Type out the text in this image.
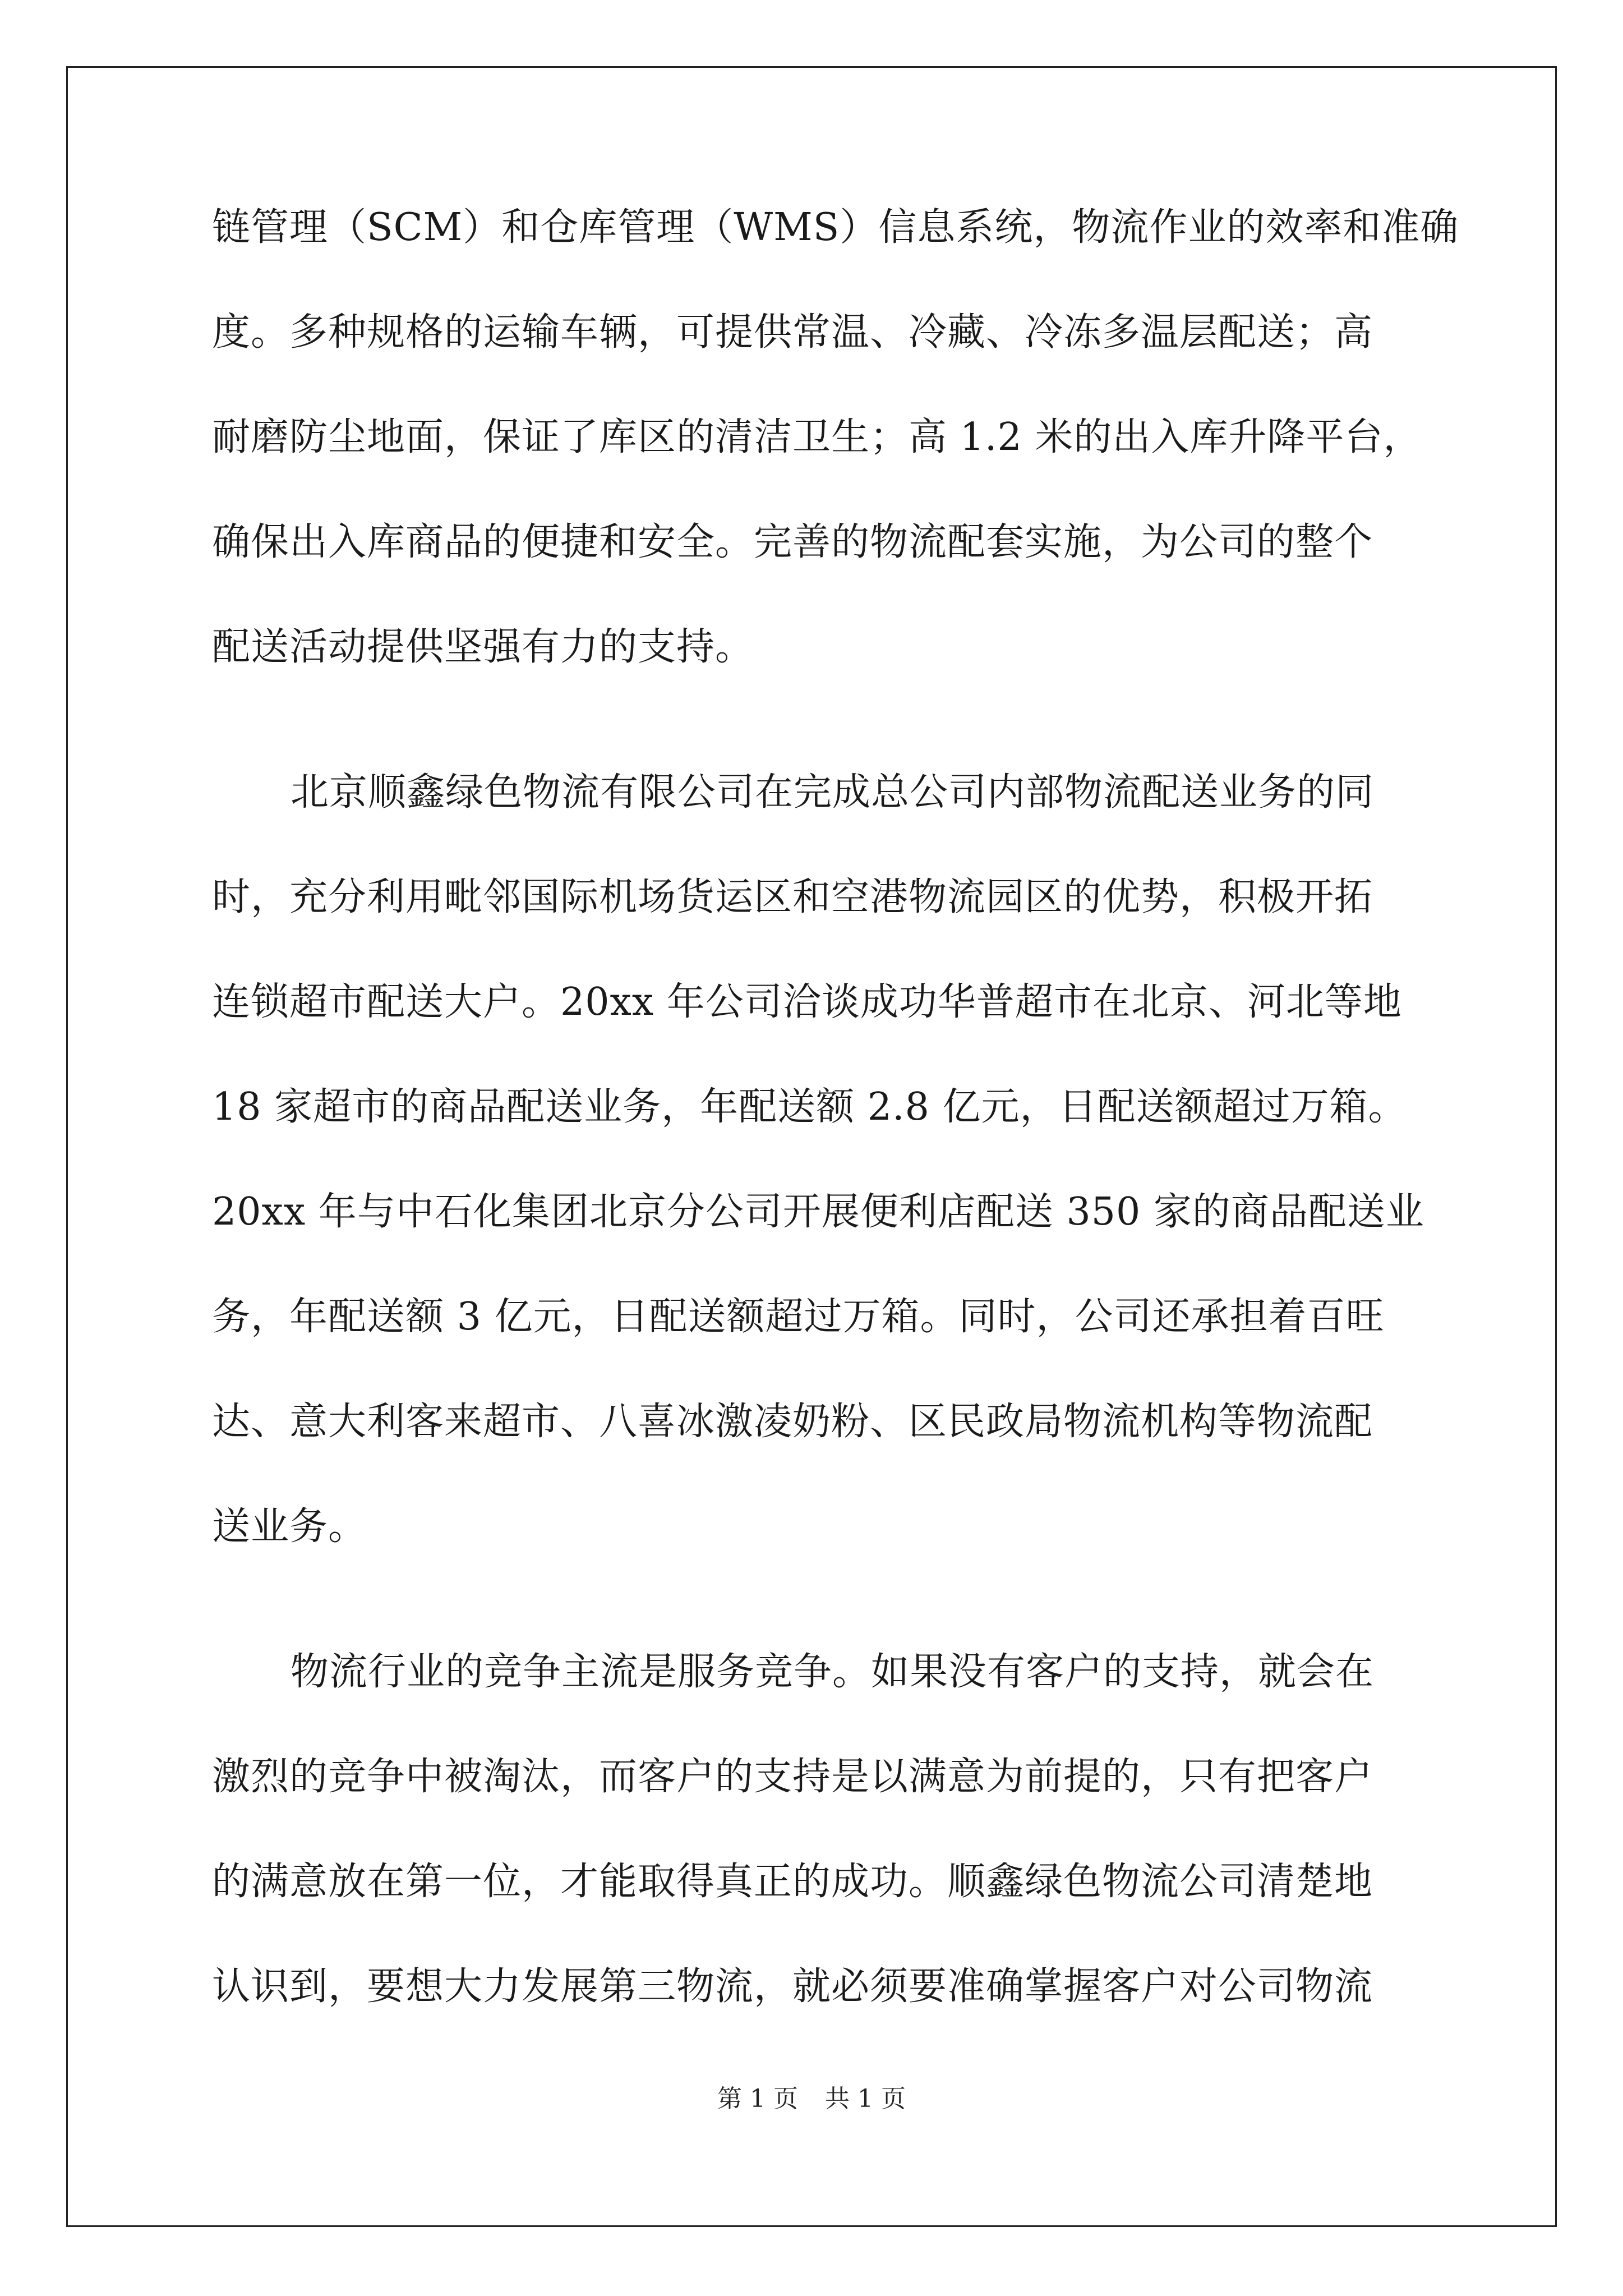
链管理（SCM）和仓库管理（WMS）信息系统，物流作业的效率和准确
度。多种规格的运输车辆，可提供常温、冷藏、冷冻多温层配送；高
耐磨防尘地面，保证了库区的清洁卫生；高 1.2 米的出入库升降平台，
确保出入库商品的便捷和安全。完善的物流配套实施，为公司的整个
配送活动提供坚强有力的支持。
北京顺鑫绿色物流有限公司在完成总公司内部物流配送业务的同
时，充分利用毗邻国际机场货运区和空港物流园区的优势，积极开拓
连锁超市配送大户。20xx 年公司洽谈成功华普超市在北京、河北等地
18 家超市的商品配送业务，年配送额 2.8 亿元，日配送额超过万箱。
20xx 年与中石化集团北京分公司开展便利店配送 350 家的商品配送业
务，年配送额 3 亿元，日配送额超过万箱。同时，公司还承担着百旺
达、意大利客来超市、八喜冰激凌奶粉、区民政局物流机构等物流配
送业务。
物流行业的竞争主流是服务竞争。如果没有客户的支持，就会在
激烈的竞争中被淘汰，而客户的支持是以满意为前提的，只有把客户
的满意放在第一位，才能取得真正的成功。顺鑫绿色物流公司清楚地
认识到，要想大力发展第三物流，就必须要准确掌握客户对公司物流
第 1 页 共 1 页
